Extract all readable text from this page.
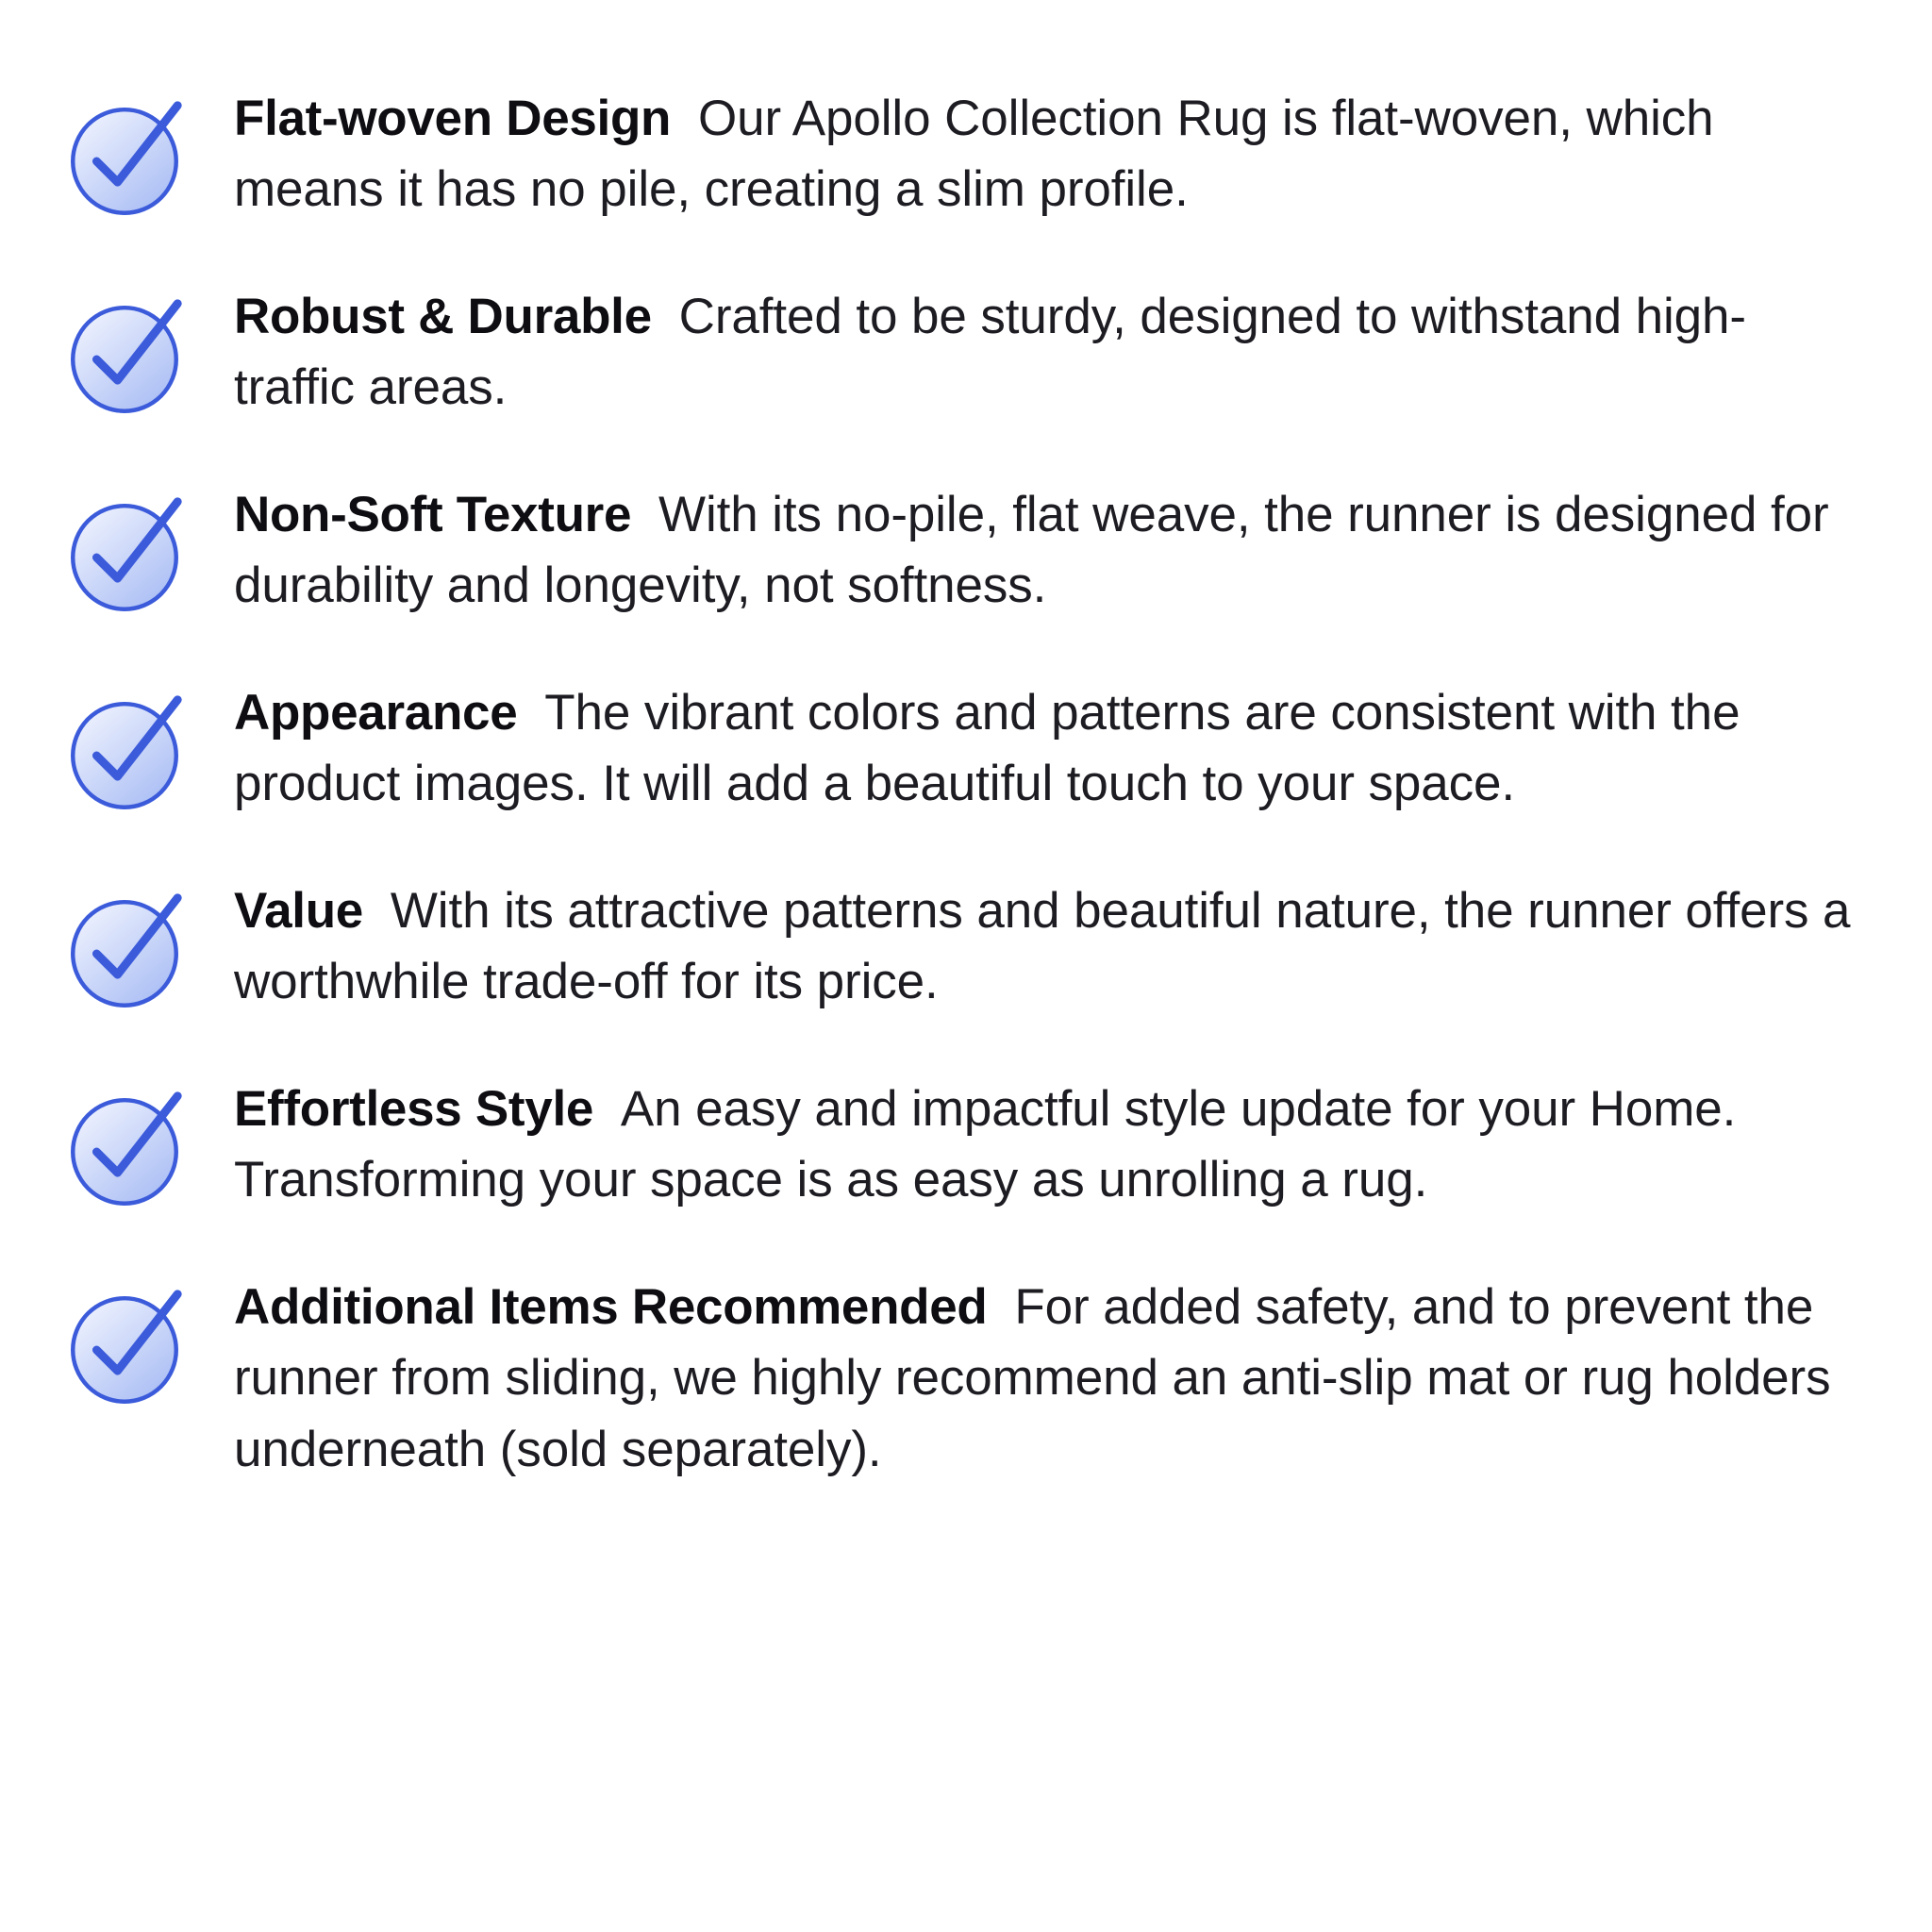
Flat-woven Design Our Apollo Collection Rug is flat-woven, which means it has no pile, creating a slim profile.
Robust & Durable Crafted to be sturdy, designed to withstand high-traffic areas.
Non-Soft Texture With its no-pile, flat weave, the runner is designed for durability and longevity, not softness.
Appearance The vibrant colors and patterns are consistent with the product images. It will add a beautiful touch to your space.
Value With its attractive patterns and beautiful nature, the runner offers a worthwhile trade-off for its price.
Effortless Style An easy and impactful style update for your Home. Transforming your space is as easy as unrolling a rug.
Additional Items Recommended For added safety, and to prevent the runner from sliding, we highly recommend an anti-slip mat or rug holders underneath (sold separately).
